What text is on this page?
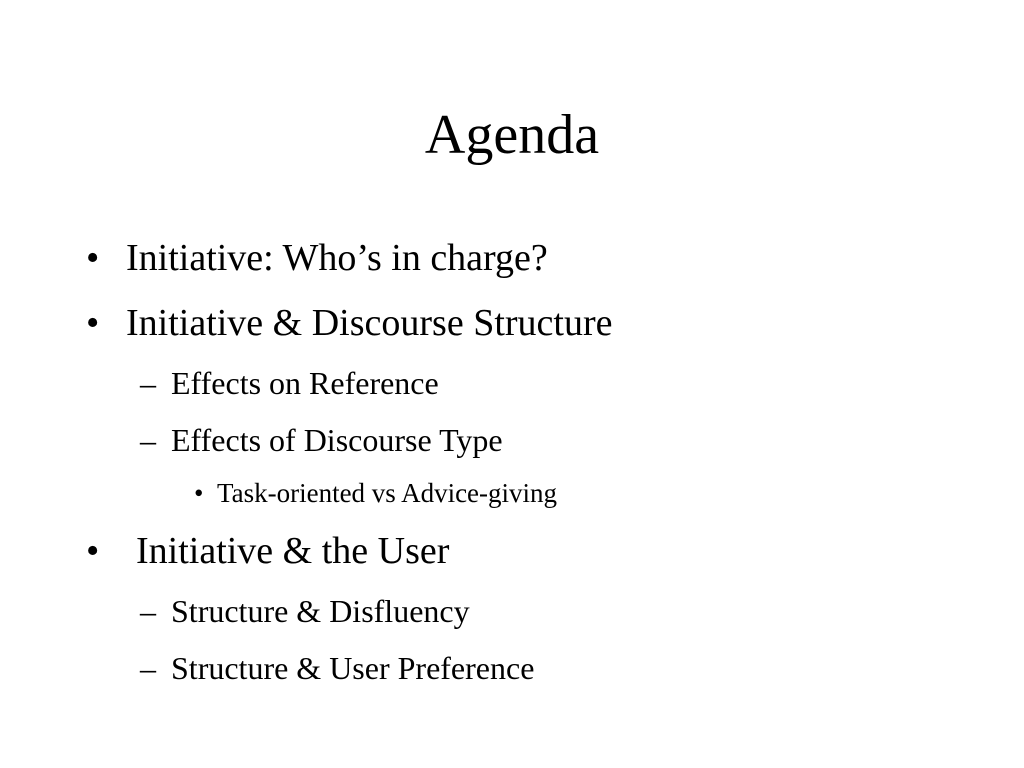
Agenda
• Initiative: Who’s in charge?
• Initiative & Discourse Structure
– Effects on Reference
– Effects of Discourse Type
• Task-oriented vs Advice-giving
• Initiative & the User
– Structure & Disfluency
– Structure & User Preference
